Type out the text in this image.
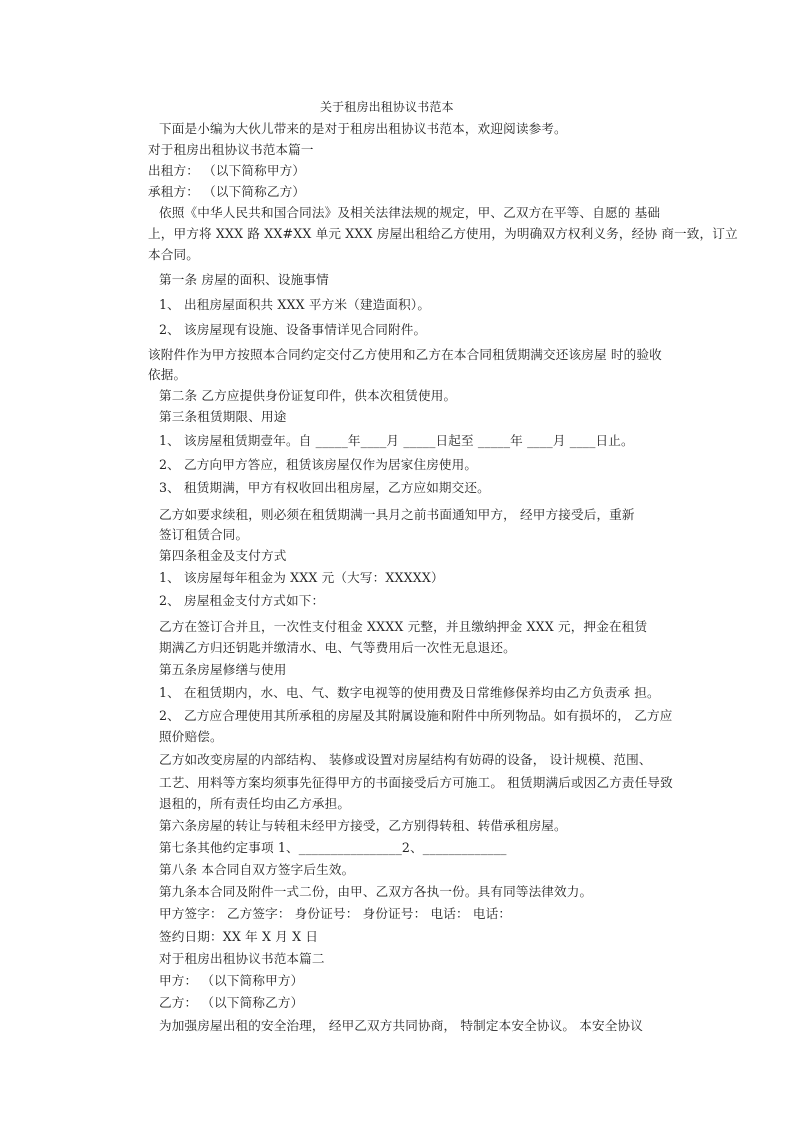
关于租房出租协议书范本
下面是小编为大伙儿带来的是对于租房出租协议书范本，欢迎阅读参考。
对于租房出租协议书范本篇一
出租方： （以下简称甲方）
承租方： （以下简称乙方）
依照《中华人民共和国合同法》及相关法律法规的规定，甲、乙双方在平等、自愿的 基础
上，甲方将 XXX 路 XX#XX 单元 XXX 房屋出租给乙方使用，为明确双方权利义务，经协 商一致，订立
本合同。
第一条 房屋的面积、设施事情
1、 出租房屋面积共 XXX 平方米（建造面积）。
2、 该房屋现有设施、设备事情详见合同附件。
该附件作为甲方按照本合同约定交付乙方使用和乙方在本合同租赁期满交还该房屋 时的验收
依据。
第二条 乙方应提供身份证复印件，供本次租赁使用。
第三条租赁期限、用途
1、 该房屋租赁期壹年。自 _____年____月 _____日起至 _____年 ____月 ____日止。
2、 乙方向甲方答应，租赁该房屋仅作为居家住房使用。
3、 租赁期满，甲方有权收回出租房屋，乙方应如期交还。
乙方如要求续租，则必须在租赁期满一具月之前书面通知甲方， 经甲方接受后，重新
签订租赁合同。
第四条租金及支付方式
1、 该房屋每年租金为 XXX 元（大写：XXXXX）
2、 房屋租金支付方式如下：
乙方在签订合并且，一次性支付租金 XXXX 元整，并且缴纳押金 XXX 元，押金在租赁
期满乙方归还钥匙并缴清水、电、气等费用后一次性无息退还。
第五条房屋修缮与使用
1、 在租赁期内，水、电、气、数字电视等的使用费及日常维修保养均由乙方负责承 担。
2、 乙方应合理使用其所承租的房屋及其附属设施和附件中所列物品。如有损坏的， 乙方应
照价赔偿。
乙方如改变房屋的内部结构、 装修或设置对房屋结构有妨碍的设备， 设计规模、范围、
工艺、用料等方案均须事先征得甲方的书面接受后方可施工。 租赁期满后或因乙方责任导致
退租的，所有责任均由乙方承担。
第六条房屋的转让与转租未经甲方接受，乙方别得转租、转借承租房屋。
第七条其他约定事项 1、________________2、_____________
第八条 本合同自双方签字后生效。
第九条本合同及附件一式二份，由甲、乙双方各执一份。具有同等法律效力。
甲方签字： 乙方签字： 身份证号： 身份证号： 电话： 电话：
签约日期：XX 年 X 月 X 日
对于租房出租协议书范本篇二
甲方： （以下简称甲方）
乙方： （以下简称乙方）
为加强房屋出租的安全治理， 经甲乙双方共同协商， 特制定本安全协议。 本安全协议
